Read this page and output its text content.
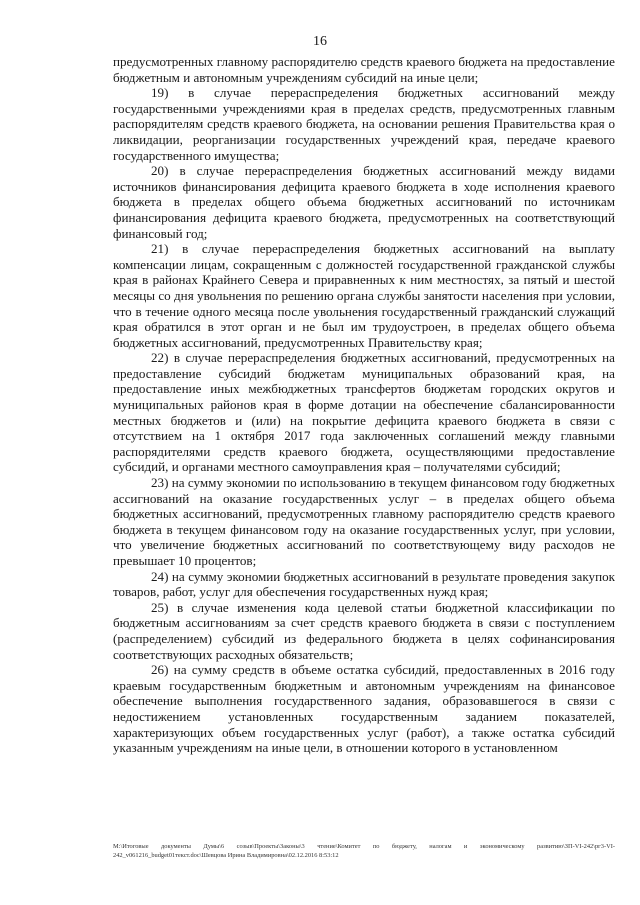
16

предусмотренных главному распорядителю средств краевого бюджета на предоставление бюджетным и автономным учреждениям субсидий на иные цели;

19) в случае перераспределения бюджетных ассигнований между государственными учреждениями края в пределах средств, предусмотренных главным распорядителям средств краевого бюджета, на основании решения Правительства края о ликвидации, реорганизации государственных учреждений края, передаче краевого государственного имущества;

20) в случае перераспределения бюджетных ассигнований между видами источников финансирования дефицита краевого бюджета в ходе исполнения краевого бюджета в пределах общего объема бюджетных ассигнований по источникам финансирования дефицита краевого бюджета, предусмотренных на соответствующий финансовый год;

21) в случае перераспределения бюджетных ассигнований на выплату компенсации лицам, сокращенным с должностей государственной гражданской службы края в районах Крайнего Севера и приравненных к ним местностях, за пятый и шестой месяцы со дня увольнения по решению органа службы занятости населения при условии, что в течение одного месяца после увольнения государственный гражданский служащий края обратился в этот орган и не был им трудоустроен, в пределах общего объема бюджетных ассигнований, предусмотренных Правительству края;

22) в случае перераспределения бюджетных ассигнований, предусмотренных на предоставление субсидий бюджетам муниципальных образований края, на предоставление иных межбюджетных трансфертов бюджетам городских округов и муниципальных районов края в форме дотации на обеспечение сбалансированности местных бюджетов и (или) на покрытие дефицита краевого бюджета в связи с отсутствием на 1 октября 2017 года заключенных соглашений между главными распорядителями средств краевого бюджета, осуществляющими предоставление субсидий, и органами местного самоуправления края – получателями субсидий;

23) на сумму экономии по использованию в текущем финансовом году бюджетных ассигнований на оказание государственных услуг – в пределах общего объема бюджетных ассигнований, предусмотренных главному распорядителю средств краевого бюджета в текущем финансовом году на оказание государственных услуг, при условии, что увеличение бюджетных ассигнований по соответствующему виду расходов не превышает 10 процентов;

24) на сумму экономии бюджетных ассигнований в результате проведения закупок товаров, работ, услуг для обеспечения государственных нужд края;

25) в случае изменения кода целевой статьи бюджетной классификации по бюджетным ассигнованиям за счет средств краевого бюджета в связи с поступлением (распределением) субсидий из федерального бюджета в целях софинансирования соответствующих расходных обязательств;

26) на сумму средств в объеме остатка субсидий, предоставленных в 2016 году краевым государственным бюджетным и автономным учреждениям на финансовое обеспечение выполнения государственного задания, образовавшегося в связи с недостижением установленных государственным заданием показателей, характеризующих объем государственных услуг (работ), а также остатка субсидий указанным учреждениям на иные цели, в отношении которого в установленном

M:\Итоговые документы Думы\6 созыв\Проекты\Законы\3 чтение\Комитет по бюджету, налогам и экономическому развитию\ЗП-VI-242\рг3-VI-242_v061216_budget01текст.doc\Шевцова Ирина Владимировна\02.12.2016 8:53:12
